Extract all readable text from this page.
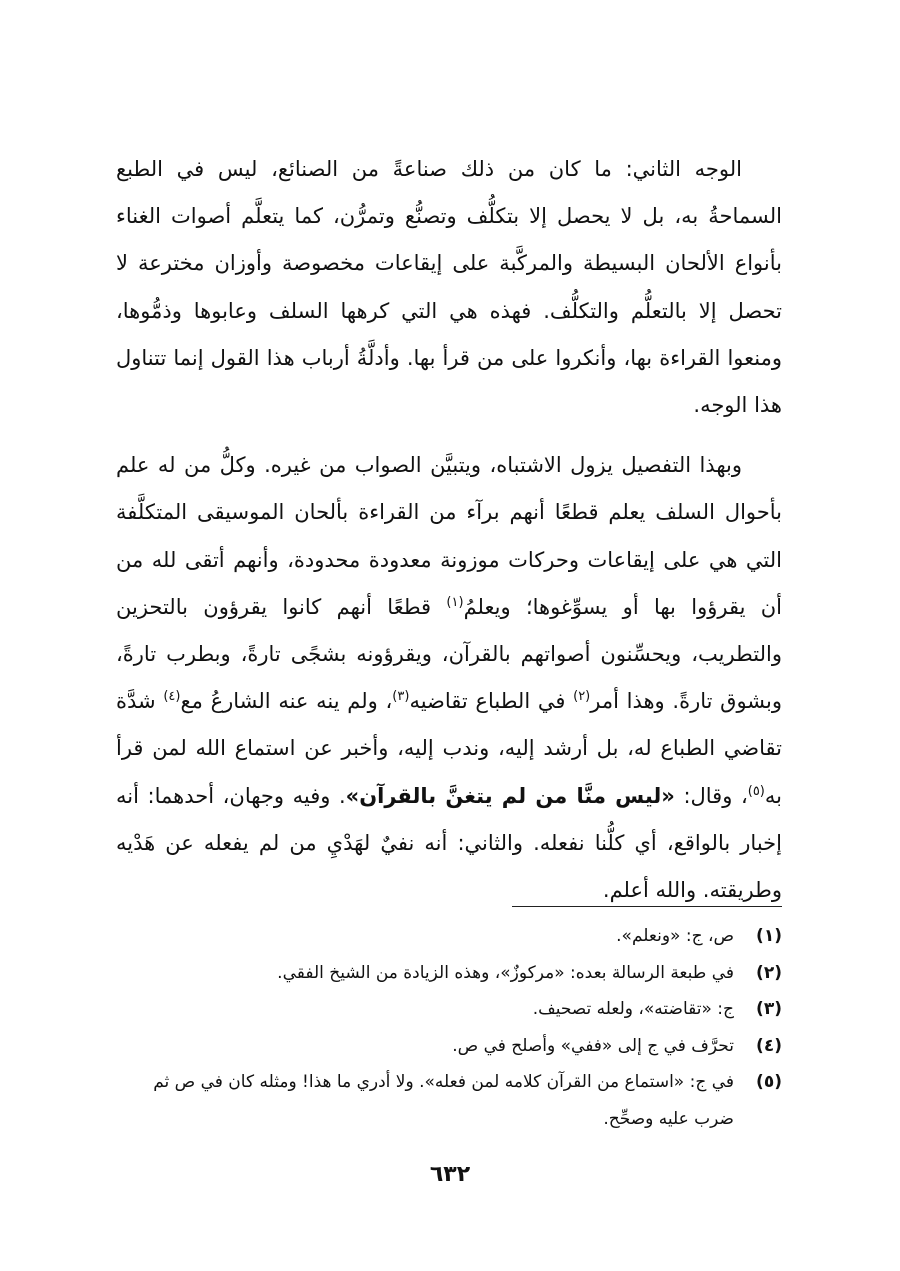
الوجه الثاني: ما كان من ذلك صناعةً من الصنائع، ليس في الطبع السماحةُ به، بل لا يحصل إلا بتكلُّف وتصنُّع وتمرُّن، كما يتعلَّم أصوات الغناء بأنواع الألحان البسيطة والمركَّبة على إيقاعات مخصوصة وأوزان مخترعة لا تحصل إلا بالتعلُّم والتكلُّف. فهذه هي التي كرهها السلف وعابوها وذمُّوها، ومنعوا القراءة بها، وأنكروا على من قرأ بها. وأدلَّةُ أرباب هذا القول إنما تتناول هذا الوجه.

وبهذا التفصيل يزول الاشتباه، ويتبيَّن الصواب من غيره. وكلُّ من له علم بأحوال السلف يعلم قطعًا أنهم برآء من القراءة بألحان الموسيقى المتكلَّفة التي هي على إيقاعات وحركات موزونة معدودة محدودة، وأنهم أتقى لله من أن يقرؤوا بها أو يسوِّغوها؛ ويعلمُ$^{(١)}$ قطعًا أنهم كانوا يقرؤون بالتحزين والتطريب، ويحسِّنون أصواتهم بالقرآن، ويقرؤونه بشجًى تارةً، وبطرب تارةً، وبشوق تارةً. وهذا أمر$^{(٢)}$ في الطباع تقاضيه$^{(٣)}$، ولم ينه عنه الشارعُ مع$^{(٤)}$ شدَّة تقاضي الطباع له، بل أرشد إليه، وندب إليه، وأخبر عن استماع الله لمن قرأ به$^{(٥)}$، وقال: «ليس منَّا من لم يتغنَّ بالقرآن». وفيه وجهان، أحدهما: أنه إخبار بالواقع، أي كلُّنا نفعله. والثاني: أنه نفيٌ لهَدْيِ من لم يفعله عن هَدْيه وطريقته. والله أعلم.

(١)
ص، ج: «ونعلم».
(٢)
في طبعة الرسالة بعده: «مركوزٌ»، وهذه الزيادة من الشيخ الفقي.
(٣)
ج: «تقاضته»، ولعله تصحيف.
(٤)
تحرَّف في ج إلى «ففي» وأصلح في ص.
(٥)
في ج: «استماع من القرآن كلامه لمن فعله». ولا أدري ما هذا! ومثله كان في ص ثم ضرب عليه وصحِّح.
٦٣٢
